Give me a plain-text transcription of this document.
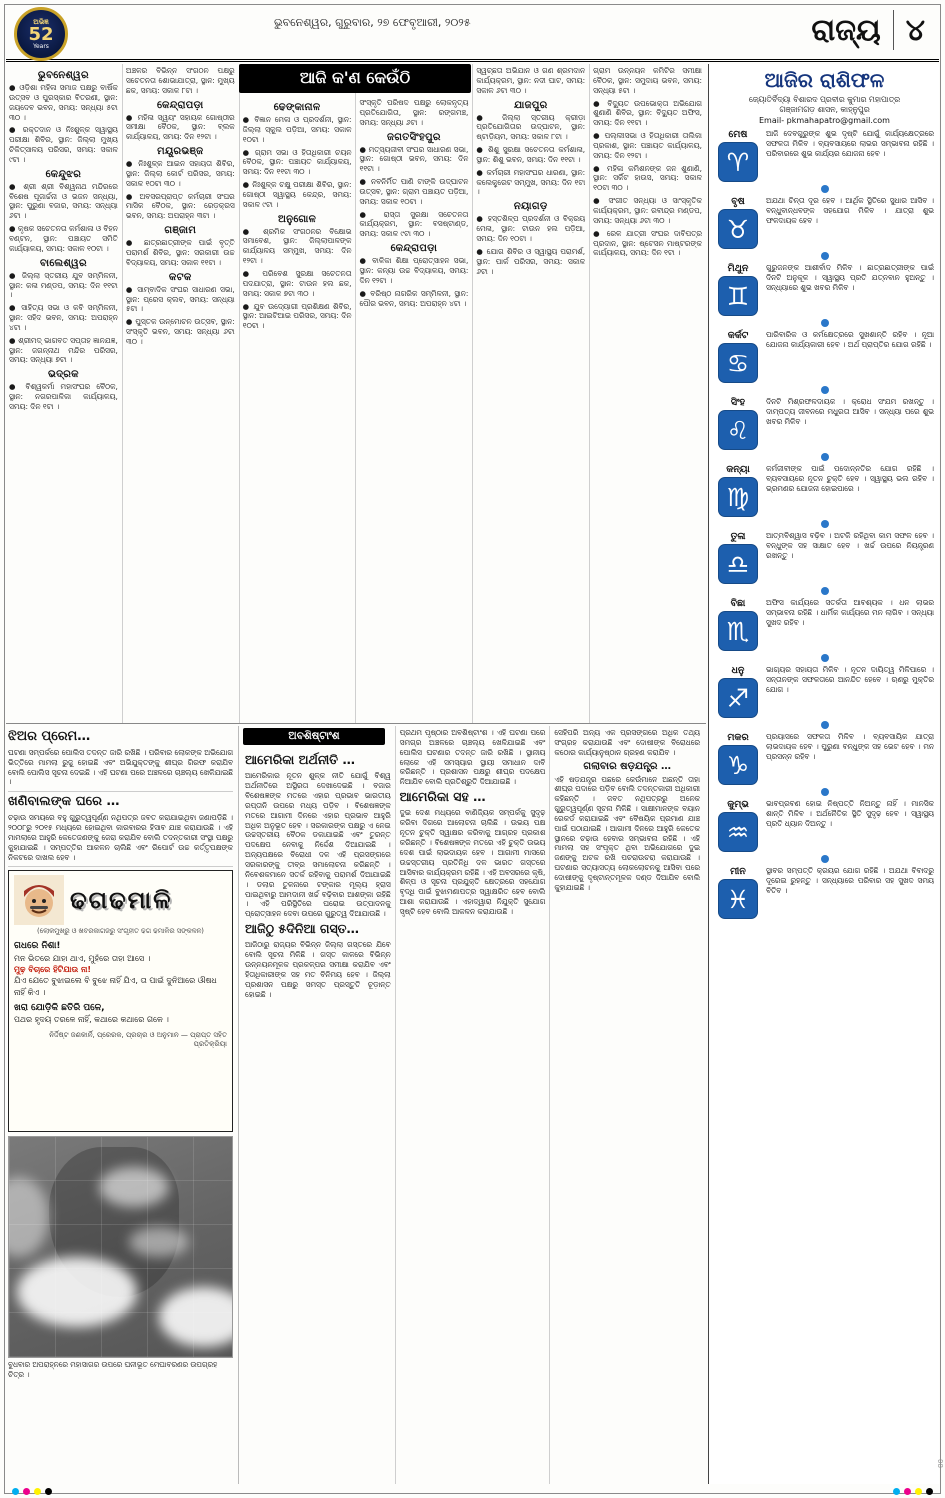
ଅଭିଜ୍ଞ
52
Years
ଭୁବନେଶ୍ୱର, ଗୁରୁବାର, ୨୭ ଫେବୃଆରୀ, ୨୦୨୫	ରାଜ୍ୟ ୪
ଆଜି କ'ଣ କେଉଁଠି
ଭୁବନେଶ୍ୱର
● ଓଡ଼ିଶା ମହିଳା ସମାଜ ପକ୍ଷରୁ ବାର୍ଷିକ ଉତ୍ସବ ଓ ପୁରସ୍କାର ବିତରଣୀ, ସ୍ଥାନ: ଜୟଦେବ ଭବନ, ସମୟ: ସନ୍ଧ୍ୟା ୫ଟା ୩୦ ।
● ରକ୍ତଦାନ ଓ ନିଃଶୁଳ୍କ ସ୍ୱାସ୍ଥ୍ୟ ପରୀକ୍ଷା ଶିବିର, ସ୍ଥାନ: ଜିଲ୍ଲା ମୁଖ୍ୟ ଚିକିତ୍ସାଳୟ ପରିସର, ସମୟ: ସକାଳ ୯ଟା ।
କେନ୍ଦୁଝର
● ଶ୍ରୀ ଶ୍ରୀ ବିଶ୍ୱନାଥ ମନ୍ଦିରରେ ବିଶେଷ ପୂଜାର୍ଚ୍ଚନା ଓ ଭଜନ ସନ୍ଧ୍ୟା, ସ୍ଥାନ: ପୁରୁଣା ବଜାର, ସମୟ: ସନ୍ଧ୍ୟା ୬ଟା ।
● କୃଷକ ସଚେତନତା କର୍ମଶାଳା ଓ ବିହନ ବଣ୍ଟନ, ସ୍ଥାନ: ପଞ୍ଚାୟତ ସମିତି କାର୍ଯ୍ୟାଳୟ, ସମୟ: ସକାଳ ୧୦ଟା ।
ବାଲେଶ୍ୱର
● ଜିଲ୍ଲା ସ୍ତରୀୟ ଯୁବ ସମ୍ମିଳନୀ, ସ୍ଥାନ: କଳା ମଣ୍ଡପ, ସମୟ: ଦିନ ୧୧ଟା ।
● ସାହିତ୍ୟ ସଭା ଓ କବି ସମ୍ମିଳନୀ, ସ୍ଥାନ: ସହିଦ ଭବନ, ସମୟ: ଅପରାହ୍ନ ୪ଟା ।
● ଶ୍ରୀମଦ୍ ଭାଗବତ ସପ୍ତାହ ଜ୍ଞାନଯଜ୍ଞ, ସ୍ଥାନ: ଜଗନ୍ନାଥ ମନ୍ଦିର ପରିସର, ସମୟ: ସନ୍ଧ୍ୟା ୭ଟା ।
ଭଦ୍ରକ
● ବିଶ୍ୱକର୍ମା ମହାସଂଘର ବୈଠକ, ସ୍ଥାନ: ନଗରପାଳିକା କାର୍ଯ୍ୟାଳୟ, ସମୟ: ଦିନ ୧ଟା ।
ଅଞ୍ଚଳର ବିଭିନ୍ନ ସଂଗଠନ ପକ୍ଷରୁ ସଚେତନତା ଶୋଭାଯାତ୍ରା, ସ୍ଥାନ: ମୁଖ୍ୟ ଛକ, ସମୟ: ସକାଳ ୮ଟା ।
କେନ୍ଦ୍ରାପଡ଼ା
● ମହିଳା ସ୍ୱୟଂ ସହାୟକ ଗୋଷ୍ଠୀର ସମୀକ୍ଷା ବୈଠକ, ସ୍ଥାନ: ବ୍ଲକ କାର୍ଯ୍ୟାଳୟ, ସମୟ: ଦିନ ୧୨ଟା ।
ମୟୂରଭଞ୍ଜ
● ନିଃଶୁଳ୍କ ଆଇନ ସହାୟତା ଶିବିର, ସ୍ଥାନ: ଜିଲ୍ଲା କୋର୍ଟ ପରିସର, ସମୟ: ସକାଳ ୧୦ଟା ୩୦ ।
● ଅବସରପ୍ରାପ୍ତ କର୍ମଚାରୀ ସଂଘର ମାସିକ ବୈଠକ, ସ୍ଥାନ: ରେଡ଼କ୍ରସ ଭବନ, ସମୟ: ଅପରାହ୍ନ ୩ଟା ।
ଗଞ୍ଜାମ
● ଛାତ୍ରଛାତ୍ରୀଙ୍କ ପାଇଁ ବୃତ୍ତି ପରାମର୍ଶ ଶିବିର, ସ୍ଥାନ: ସରକାରୀ ଉଚ୍ଚ ବିଦ୍ୟାଳୟ, ସମୟ: ସକାଳ ୧୧ଟା ।
କଟକ
● ସାମ୍ବାଦିକ ସଂଘର ସାଧାରଣ ସଭା, ସ୍ଥାନ: ପ୍ରେସ କ୍ଲବ, ସମୟ: ସନ୍ଧ୍ୟା ୫ଟା ।
● ପୁସ୍ତକ ଉନ୍ମୋଚନ ଉତ୍ସବ, ସ୍ଥାନ: ସଂସ୍କୃତି ଭବନ, ସମୟ: ସନ୍ଧ୍ୟା ୬ଟା ୩୦ ।
ଢେଙ୍କାନାଳ
● ବିଜ୍ଞାନ ମେଳା ଓ ପ୍ରଦର୍ଶନୀ, ସ୍ଥାନ: ଜିଲ୍ଲା ସ୍କୁଲ ପଡ଼ିଆ, ସମୟ: ସକାଳ ୧୦ଟା ।
● ଗ୍ରାମ ସଭା ଓ ହିତାଧିକାରୀ ଚୟନ ବୈଠକ, ସ୍ଥାନ: ପଞ୍ଚାୟତ କାର୍ଯ୍ୟାଳୟ, ସମୟ: ଦିନ ୧୧ଟା ୩୦ ।
● ନିଃଶୁଳ୍କ ଚକ୍ଷୁ ପରୀକ୍ଷା ଶିବିର, ସ୍ଥାନ: ଗୋଷ୍ଠୀ ସ୍ୱାସ୍ଥ୍ୟ କେନ୍ଦ୍ର, ସମୟ: ସକାଳ ୯ଟା ।
ଅନୁଗୋଳ
● ଶ୍ରମିକ ସଂଗଠନର ବିକ୍ଷୋଭ ସମାବେଶ, ସ୍ଥାନ: ଜିଲ୍ଲାପାଳଙ୍କ କାର୍ଯ୍ୟାଳୟ ସମ୍ମୁଖ, ସମୟ: ଦିନ ୧୨ଟା ।
● ପରିବେଶ ସୁରକ୍ଷା ସଚେତନତା ପଦଯାତ୍ରା, ସ୍ଥାନ: ଟାଉନ ହଲ ଛକ, ସମୟ: ସକାଳ ୭ଟା ୩୦ ।
● ଯୁବ ଉଦ୍ୟୋଗୀ ପ୍ରଶିକ୍ଷଣ ଶିବିର, ସ୍ଥାନ: ଆଇଟିଆଇ ପରିସର, ସମୟ: ଦିନ ୧୦ଟା ।
ସଂସ୍କୃତି ପରିଷଦ ପକ୍ଷରୁ ଲୋକନୃତ୍ୟ ପ୍ରତିଯୋଗିତା, ସ୍ଥାନ: ରଙ୍ଗମଞ୍ଚ, ସମୟ: ସନ୍ଧ୍ୟା ୬ଟା ।
ଜଗତସିଂହପୁର
● ମତ୍ସ୍ୟଜୀବୀ ସଂଘର ସାଧାରଣ ସଭା, ସ୍ଥାନ: ଗୋଷ୍ଠୀ ଭବନ, ସମୟ: ଦିନ ୧୧ଟା ।
● ନବନିର୍ମିତ ପାଣି ଟାଙ୍କି ଉଦ୍‌ଘାଟନ ଉତ୍ସବ, ସ୍ଥାନ: ଗ୍ରାମ ପଞ୍ଚାୟତ ପଡ଼ିଆ, ସମୟ: ସକାଳ ୧୦ଟା ।
● ରାସ୍ତା ସୁରକ୍ଷା ସଚେତନତା କାର୍ଯ୍ୟକ୍ରମ, ସ୍ଥାନ: ବସଷ୍ଟାଣ୍ଡ, ସମୟ: ସକାଳ ୯ଟା ୩୦ ।
କେନ୍ଦ୍ରାପଡ଼ା
● ବାଳିକା ଶିକ୍ଷା ପ୍ରୋତ୍ସାହନ ସଭା, ସ୍ଥାନ: କନ୍ୟା ଉଚ୍ଚ ବିଦ୍ୟାଳୟ, ସମୟ: ଦିନ ୧୨ଟା ।
● ବରିଷ୍ଠ ନାଗରିକ ସମ୍ମିଳନୀ, ସ୍ଥାନ: ପୌର ଭବନ, ସମୟ: ଅପରାହ୍ନ ୪ଟା ।
ସ୍ୱଚ୍ଛତା ଅଭିଯାନ ଓ ଗଣ ଶ୍ରମଦାନ କାର୍ଯ୍ୟକ୍ରମ, ସ୍ଥାନ: ନଦୀ ଘାଟ, ସମୟ: ସକାଳ ୬ଟା ୩୦ ।
ଯାଜପୁର
● ଜିଲ୍ଲା ସ୍ତରୀୟ କ୍ରୀଡ଼ା ପ୍ରତିଯୋଗିତାର ଉଦ୍‌ଘାଟନ, ସ୍ଥାନ: ଷ୍ଟାଡ଼ିୟମ, ସମୟ: ସକାଳ ୮ଟା ।
● ଶିଶୁ ସୁରକ୍ଷା ସଚେତନତା କର୍ମଶାଳା, ସ୍ଥାନ: ଶିଶୁ ଭବନ, ସମୟ: ଦିନ ୧୧ଟା ।
● କର୍ମଚାରୀ ମହାସଂଘର ଧାରଣା, ସ୍ଥାନ: କଲେକ୍ଟ୍ରେଟ ସମ୍ମୁଖ, ସମୟ: ଦିନ ୧ଟା ।
ନୟାଗଡ଼
● ହସ୍ତଶିଳ୍ପ ପ୍ରଦର୍ଶନୀ ଓ ବିକ୍ରୟ ମେଳା, ସ୍ଥାନ: ଟାଉନ ହଲ ପଡ଼ିଆ, ସମୟ: ଦିନ ୧୦ଟା ।
● ଯୋଗ ଶିବିର ଓ ସ୍ୱାସ୍ଥ୍ୟ ପରାମର୍ଶ, ସ୍ଥାନ: ପାର୍କ ପରିସର, ସମୟ: ସକାଳ ୬ଟା ।
ଗ୍ରାମ ଉନ୍ନୟନ କମିଟିର ସମୀକ୍ଷା ବୈଠକ, ସ୍ଥାନ: ସମୁଦାୟ ଭବନ, ସମୟ: ସନ୍ଧ୍ୟା ୫ଟା ।
● ବିଦ୍ୟୁତ ଉପଭୋକ୍ତା ଅଭିଯୋଗ ଶୁଣାଣି ଶିବିର, ସ୍ଥାନ: ବିଦ୍ୟୁତ ଅଫିସ, ସମୟ: ଦିନ ୧୧ଟା ।
● ପଲ୍ଲୀସଭା ଓ ହିତାଧିକାରୀ ତାଲିକା ପ୍ରକାଶ, ସ୍ଥାନ: ପଞ୍ଚାୟତ କାର୍ଯ୍ୟାଳୟ, ସମୟ: ଦିନ ୧୨ଟା ।
● ମହିଳା କମିଶନଙ୍କ ଜନ ଶୁଣାଣି, ସ୍ଥାନ: ସର୍କିଟ ହାଉସ, ସମୟ: ସକାଳ ୧୦ଟା ୩୦ ।
● ସଂଗୀତ ସନ୍ଧ୍ୟା ଓ ସାଂସ୍କୃତିକ କାର୍ଯ୍ୟକ୍ରମ, ସ୍ଥାନ: ରବୀନ୍ଦ୍ର ମଣ୍ଡପ, ସମୟ: ସନ୍ଧ୍ୟା ୬ଟା ୩୦ ।
● ରେଳ ଯାତ୍ରୀ ସଂଘର ଦାବିପତ୍ର ପ୍ରଦାନ, ସ୍ଥାନ: ଷ୍ଟେସନ ମାଷ୍ଟରଙ୍କ କାର୍ଯ୍ୟାଳୟ, ସମୟ: ଦିନ ୧ଟା ।
ଝିଅର ପ୍ରେମ…
ଘଟଣା ସମ୍ପର୍କରେ ପୋଲିସ ତଦନ୍ତ ଜାରି ରଖିଛି । ପରିବାର ଲୋକଙ୍କ ଅଭିଯୋଗ ଭିତ୍ତିରେ ମାମଲା ରୁଜୁ ହୋଇଛି ଏବଂ ଅଭିଯୁକ୍ତଙ୍କୁ ଶୀଘ୍ର ଗିରଫ କରାଯିବ ବୋଲି ପୋଲିସ ସୂଚନା ଦେଇଛି । ଏହି ଘଟଣା ପରେ ଅଞ୍ଚଳରେ ଚାଞ୍ଚଲ୍ୟ ଖେଳିଯାଇଛି ।
ଖଣିବାଲଙ୍କ ଘରେ …
ଚଢ଼ାଉ ସମୟରେ ବହୁ ଗୁରୁତ୍ୱପୂର୍ଣ୍ଣ ନଥିପତ୍ର ଜବତ କରାଯାଇଥିବା ଜଣାପଡ଼ିଛି । ୨୦୦୮ରୁ ୨୦୧୫ ମଧ୍ୟରେ ହୋଇଥିବା କାରବାରର ହିସାବ ଯାଞ୍ଚ କରାଯାଉଛି । ଏହି ମାମଲାରେ ଆହୁରି କେତେଜଣଙ୍କୁ ଜେରା କରାଯିବ ବୋଲି ତଦନ୍ତକାରୀ ସଂସ୍ଥା ପକ୍ଷରୁ କୁହାଯାଇଛି । ସମ୍ପତ୍ତିର ଆକଳନ ଚାଲିଛି ଏବଂ ରିପୋର୍ଟ ଉଚ୍ଚ କର୍ତ୍ତୃପକ୍ଷଙ୍କ ନିକଟରେ ଦାଖଲ ହେବ ।
ଢଗଢମାଳି
(ଲୋକମୁଖରୁ ଓ ଖବରକାଗଜରୁ ସଂଗୃହୀତ ଢଗ ଢମାଳିର ସଙ୍କଳନ)
ଗଧରେ ନିଶା!
ମନ ଭିତରେ ଯାହା ଥାଏ, ମୁହଁରେ ତାହା ଆସେ ।
ମୁଢ଼ ବିଚାରେ ହିଟିଯାଉ ନା!
ଯିଏ ଯେତେ ବୁଝାଇଲେ ବି ବୁଝେ ନାହିଁ ଯିଏ, ତା ପାଇଁ ଦୁନିଆରେ ଔଷଧ ନାହିଁ କିଏ ।
ଖରା ଯୋଡ଼ିକି ଛତିରି ପଳେ,
ପଥର ହୃଦୟ ତରଳେ ନାହିଁ, କଥାରେ କଥାରେ ଗଳେ ।
ନିର୍ଦ୍ଦିଷ୍ଟ ଜଣକାର୍ନି, ପ୍ରେରକ, ପ୍ରଚାର ଓ ଅନୁମାନ — ପ୍ରାପ୍ତ ସହିତ ପ୍ରତିକ୍ରିୟା
ବୁଧବାର ଅପରାହ୍ନରେ ମହାସାଗର ଉପରେ ଘନୀଭୂତ ମେଘାବରଣର ଉପଗ୍ରହ ଚିତ୍ର ।
ଅବଶିଷ୍ଟାଂଶ
ଆମେରିକା ଅର୍ଥନୀତି …
ଆମେରିକାର ନୂତନ ଶୁଳ୍କ ନୀତି ଯୋଗୁଁ ବିଶ୍ୱ ଅର୍ଥନୀତିରେ ଅସ୍ଥିରତା ଦେଖାଦେଇଛି । ବଜାର ବିଶେଷଜ୍ଞଙ୍କ ମତରେ ଏହାର ପ୍ରଭାବ ଭାରତୀୟ ରପ୍ତାନି ଉପରେ ମଧ୍ୟ ପଡ଼ିବ । ବିଶେଷଜ୍ଞଙ୍କ ମତରେ ଆଗାମୀ ଦିନରେ ଏହାର ପ୍ରଭାବ ଆହୁରି ଅଧିକ ଅନୁଭୂତ ହେବ । ସରକାରଙ୍କ ପକ୍ଷରୁ ଏ ନେଇ ଉଚ୍ଚସ୍ତରୀୟ ବୈଠକ ଡକାଯାଇଛି ଏବଂ ତୁରନ୍ତ ପଦକ୍ଷେପ ନେବାକୁ ନିର୍ଦ୍ଦେଶ ଦିଆଯାଇଛି । ଅନ୍ୟପକ୍ଷରେ ବିରୋଧୀ ଦଳ ଏହି ପ୍ରସଙ୍ଗରେ ସରକାରଙ୍କୁ ତୀବ୍ର ସମାଲୋଚନା କରିଛନ୍ତି । ନିବେଶକମାନେ ସତର୍କ ରହିବାକୁ ପରାମର୍ଶ ଦିଆଯାଇଛି । ଡଲାର ତୁଳନାରେ ଟଙ୍କାର ମୂଲ୍ୟ ହ୍ରାସ ପାଇଥିବାରୁ ଆମଦାନୀ ଖର୍ଚ୍ଚ ବଢ଼ିବାର ଆଶଙ୍କା ରହିଛି । ଏହି ପରିସ୍ଥିତିରେ ଘରୋଇ ଉତ୍ପାଦନକୁ ପ୍ରୋତ୍ସାହନ ଦେବା ଉପରେ ଗୁରୁତ୍ୱ ଦିଆଯାଉଛି ।
ଆଜିଠୁ ୫ଦିନିଆ ଗସ୍ତ…
ଆଜିଠାରୁ ରାଜ୍ୟର ବିଭିନ୍ନ ଜିଲ୍ଲା ଗସ୍ତରେ ଯିବେ ବୋଲି ସୂଚନା ମିଳିଛି । ଗସ୍ତ କାଳରେ ବିଭିନ୍ନ ଉନ୍ନୟନମୂଳକ ପ୍ରକଳ୍ପର ସମୀକ୍ଷା କରାଯିବ ଏବଂ ହିତାଧିକାରୀଙ୍କ ସହ ମତ ବିନିମୟ ହେବ । ଜିଲ୍ଲା ପ୍ରଶାସନ ପକ୍ଷରୁ ସମସ୍ତ ପ୍ରସ୍ତୁତି ଚୂଡ଼ାନ୍ତ ହୋଇଛି ।
ପ୍ରଥମ ପୃଷ୍ଠାର ଅବଶିଷ୍ଟାଂଶ । ଏହି ଘଟଣା ପରେ ସମଗ୍ର ଅଞ୍ଚଳରେ ଚାଞ୍ଚଲ୍ୟ ଖେଳିଯାଇଛି ଏବଂ ପୋଲିସ ଘଟଣାର ତଦନ୍ତ ଜାରି ରଖିଛି । ସ୍ଥାନୀୟ ଲୋକେ ଏହି ସମସ୍ୟାର ସ୍ଥାୟୀ ସମାଧାନ ଦାବି କରିଛନ୍ତି । ପ୍ରଶାସନ ପକ୍ଷରୁ ଶୀଘ୍ର ପଦକ୍ଷେପ ନିଆଯିବ ବୋଲି ପ୍ରତିଶ୍ରୁତି ଦିଆଯାଇଛି ।
ଆମେରିକା ସହ …
ଦୁଇ ଦେଶ ମଧ୍ୟରେ ବାଣିଜ୍ୟିକ ସମ୍ପର୍କକୁ ସୁଦୃଢ଼ କରିବା ଦିଗରେ ଆଲୋଚନା ଚାଲିଛି । ଉଭୟ ପକ୍ଷ ନୂତନ ଚୁକ୍ତି ସ୍ୱାକ୍ଷର କରିବାକୁ ଆଗ୍ରହ ପ୍ରକାଶ କରିଛନ୍ତି । ବିଶେଷଜ୍ଞଙ୍କ ମତରେ ଏହି ଚୁକ୍ତି ଉଭୟ ଦେଶ ପାଇଁ ଲାଭଦାୟକ ହେବ । ଆଗାମୀ ମାସରେ ଉଚ୍ଚସ୍ତରୀୟ ପ୍ରତିନିଧି ଦଳ ଭାରତ ଗସ୍ତରେ ଆସିବାର କାର୍ଯ୍ୟକ୍ରମ ରହିଛି । ଏହି ଅବସରରେ କୃଷି, ଶିଳ୍ପ ଓ ସୂଚନା ପ୍ରଯୁକ୍ତି କ୍ଷେତ୍ରରେ ସହଯୋଗ ବୃଦ୍ଧି ପାଇଁ ବୁଝାମଣାପତ୍ର ସ୍ୱାକ୍ଷରିତ ହେବ ବୋଲି ଆଶା କରାଯାଉଛି । ଏହାଦ୍ୱାରା ନିଯୁକ୍ତି ସୁଯୋଗ ସୃଷ୍ଟି ହେବ ବୋଲି ଆକଳନ କରାଯାଉଛି ।
ସେହିପରି ଅନ୍ୟ ଏକ ପ୍ରସଙ୍ଗରେ ଅଧିକ ତଥ୍ୟ ସଂଗ୍ରହ କରାଯାଉଛି ଏବଂ ଦୋଷୀଙ୍କ ବିରୋଧରେ କଠୋର କାର୍ଯ୍ୟାନୁଷ୍ଠାନ ଗ୍ରହଣ କରାଯିବ ।
ଗଲାବାର ଷଡ଼ଯନ୍ତ୍ର …
ଏହି ଷଡ଼ଯନ୍ତ୍ର ପଛରେ କେଉଁମାନେ ଅଛନ୍ତି ତାହା ଶୀଘ୍ର ପଦାରେ ପଡ଼ିବ ବୋଲି ତଦନ୍ତକାରୀ ଅଧିକାରୀ କହିଛନ୍ତି । ଜବତ ନଥିପତ୍ରରୁ ଅନେକ ଗୁରୁତ୍ୱପୂର୍ଣ୍ଣ ସୂଚନା ମିଳିଛି । ସାକ୍ଷୀମାନଙ୍କ ବୟାନ ରେକର୍ଡ କରାଯାଇଛି ଏବଂ ବୈଷୟିକ ପ୍ରମାଣ ଯାଞ୍ଚ ପାଇଁ ପଠାଯାଇଛି । ଆଗାମୀ ଦିନରେ ଆହୁରି କେତେକ ସ୍ଥାନରେ ଚଢ଼ାଉ ହେବାର ସମ୍ଭାବନା ରହିଛି । ଏହି ମାମଲା ସହ ସଂପୃକ୍ତ ଥିବା ଅଭିଯୋଗରେ ଦୁଇ ଜଣଙ୍କୁ ଅଟକ ରଖି ପଚରାଉଚରା କରାଯାଉଛି । ଘଟଣାର ସତ୍ୟାସତ୍ୟ ଲୋକଲୋଚନକୁ ଆସିବା ପରେ ଦୋଷୀଙ୍କୁ ଦୃଷ୍ଟାନ୍ତମୂଳକ ଦଣ୍ଡ ଦିଆଯିବ ବୋଲି କୁହାଯାଇଛି ।
ଆଜିର ରାଶିଫଳ
ଜ୍ୟୋତିର୍ବିଦ୍ୟା ବିଶାରଦ ପ୍ରବୀର କୁମାର ମହାପାତ୍ର
ଗଞ୍ଜାମଗଡ଼ ଶାସନ, କାହ୍ନୁପୁର
Email- pkmahapatro@gmail.com
ମେଷ
♈
ଆଜି ଦେବଗୁରୁଙ୍କ ଶୁଭ ଦୃଷ୍ଟି ଯୋଗୁଁ କାର୍ଯ୍ୟକ୍ଷେତ୍ରରେ ସଫଳତା ମିଳିବ । ବ୍ୟବସାୟରେ ଲାଭର ସମ୍ଭାବନା ରହିଛି । ପରିବାରରେ ଶୁଭ କାର୍ଯ୍ୟର ଯୋଜନା ହେବ ।
ବୃଷ
♉
ଅଯଥା ଚିନ୍ତା ଦୂର ହେବ । ଆର୍ଥିକ ସ୍ଥିତିରେ ସୁଧାର ଆସିବ । ବନ୍ଧୁବାନ୍ଧବଙ୍କ ସହଯୋଗ ମିଳିବ । ଯାତ୍ରା ଶୁଭ ଫଳଦାୟକ ହେବ ।
ମିଥୁନ
♊
ଗୁରୁଜନଙ୍କ ଆଶୀର୍ବାଦ ମିଳିବ । ଛାତ୍ରଛାତ୍ରୀଙ୍କ ପାଇଁ ଦିନଟି ଅନୁକୂଳ । ସ୍ୱାସ୍ଥ୍ୟ ପ୍ରତି ଯତ୍ନବାନ ହୁଅନ୍ତୁ । ସନ୍ଧ୍ୟାରେ ଶୁଭ ଖବର ମିଳିବ ।
କର୍କଟ
♋
ପାରିବାରିକ ଓ କର୍ମକ୍ଷେତ୍ରରେ ସୁଖଶାନ୍ତି ରହିବ । ନୂଆ ଯୋଜନା କାର୍ଯ୍ୟକାରୀ ହେବ । ଅର୍ଥ ପ୍ରାପ୍ତିର ଯୋଗ ରହିଛି ।
ସିଂହ
♌
ଦିନଟି ମିଶ୍ରଫଳଦାୟକ । କ୍ରୋଧ ସଂଯମ ରଖନ୍ତୁ । ଦାମ୍ପତ୍ୟ ଜୀବନରେ ମଧୁରତା ଆସିବ । ସନ୍ଧ୍ୟା ପରେ ଶୁଭ ଖବର ମିଳିବ ।
କନ୍ୟା
♍
କର୍ମଜୀବୀଙ୍କ ପାଇଁ ପଦୋନ୍ନତିର ଯୋଗ ରହିଛି । ବ୍ୟବସାୟରେ ନୂତନ ଚୁକ୍ତି ହେବ । ସ୍ୱାସ୍ଥ୍ୟ ଭଲ ରହିବ । ଭ୍ରମଣର ଯୋଜନା ହୋଇପାରେ ।
ତୁଳା
♎
ଆତ୍ମବିଶ୍ୱାସ ବଢ଼ିବ । ଅଟକି ରହିଥିବା କାମ ସଫଳ ହେବ । ବନ୍ଧୁଙ୍କ ସହ ସାକ୍ଷାତ ହେବ । ଖର୍ଚ୍ଚ ଉପରେ ନିୟନ୍ତ୍ରଣ ରଖନ୍ତୁ ।
ବିଛା
♏
ଅଫିସ କାର୍ଯ୍ୟରେ ସତର୍କତା ଆବଶ୍ୟକ । ଧନ ଲାଭର ସମ୍ଭାବନା ରହିଛି । ଧାର୍ମିକ କାର୍ଯ୍ୟରେ ମନ ଲାଗିବ । ସନ୍ଧ୍ୟା ସୁଖଦ ରହିବ ।
ଧନୁ
♐
ଭାଗ୍ୟର ସହାୟତା ମିଳିବ । ନୂତନ ଦାୟିତ୍ୱ ମିଳିପାରେ । ସନ୍ତାନଙ୍କ ସଫଳତାରେ ଆନନ୍ଦିତ ହେବେ । ଋଣରୁ ମୁକ୍ତିର ଯୋଗ ।
ମକର
♑
ପ୍ରୟାସରେ ସଫଳତା ମିଳିବ । ବ୍ୟବସାୟିକ ଯାତ୍ରା ଲାଭଦାୟକ ହେବ । ପୁରୁଣା ବନ୍ଧୁଙ୍କ ସହ ଭେଟ ହେବ । ମନ ପ୍ରସନ୍ନ ରହିବ ।
କୁମ୍ଭ
♒
ଭାବପ୍ରବଣ ହୋଇ ନିଷ୍ପତ୍ତି ନିଅନ୍ତୁ ନାହିଁ । ମାନସିକ ଶାନ୍ତି ମିଳିବ । ଅର୍ଥନୈତିକ ସ୍ଥିତି ସୁଦୃଢ଼ ହେବ । ସ୍ୱାସ୍ଥ୍ୟ ପ୍ରତି ଧ୍ୟାନ ଦିଅନ୍ତୁ ।
ମୀନ
♓
ସ୍ଥାବର ସମ୍ପତ୍ତି କ୍ରୟର ଯୋଗ ରହିଛି । ଅଯଥା ବିବାଦରୁ ଦୂରେଇ ରୁହନ୍ତୁ । ସନ୍ଧ୍ୟାରେ ପରିବାର ସହ ସୁଖଦ ସମୟ ବିତିବ ।
08
